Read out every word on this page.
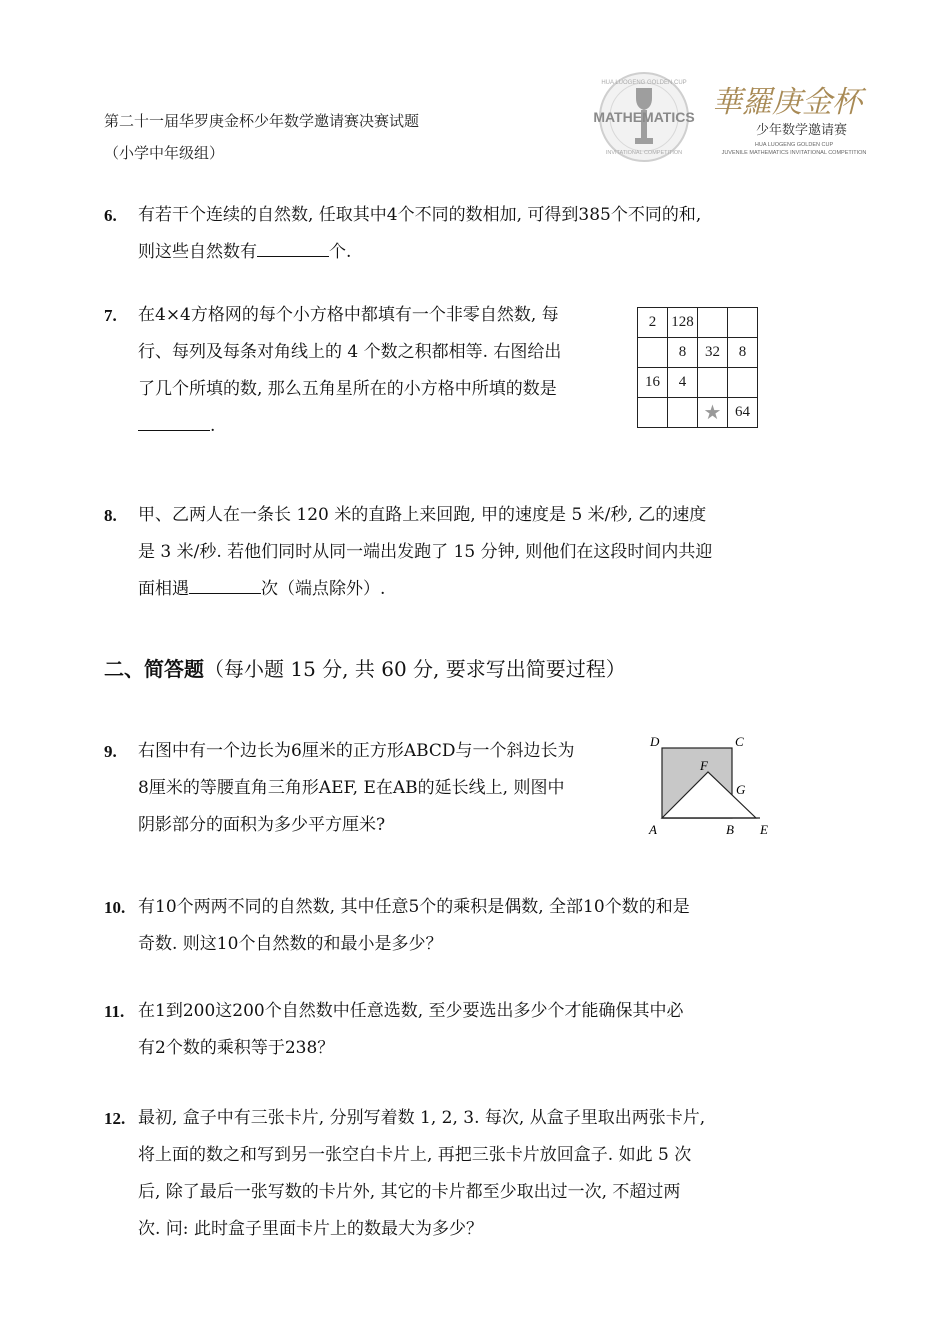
第二十一届华罗庚金杯少年数学邀请赛决赛试题
（小学中年级组）
HUA LUOGENG GOLDEN CUP
MATHEMATICS
INVITATIONAL COMPETITION
華羅庚金杯
少年数学邀请赛
HUA LUOGENG GOLDEN CUP
JUVENILE MATHEMATICS INVITATIONAL COMPETITION
6. 有若干个连续的自然数, 任取其中4个不同的数相加, 可得到385个不同的和,
则这些自然数有	个.
7. 在4×4方格网的每个小方格中都填有一个非零自然数, 每
行、每列及每条对角线上的 4 个数之积都相等. 右图给出
了几个所填的数, 那么五角星所在的小方格中所填的数是
.
2	128		
	8	32	8
16	4		
		★	64
8. 甲、乙两人在一条长 120 米的直路上来回跑, 甲的速度是 5 米/秒, 乙的速度
是 3 米/秒. 若他们同时从同一端出发跑了 15 分钟, 则他们在这段时间内共迎
面相遇	次（端点除外）.
二、简答题（每小题 15 分, 共 60 分, 要求写出简要过程）
9. 右图中有一个边长为6厘米的正方形ABCD与一个斜边长为
8厘米的等腰直角三角形AEF, E在AB的延长线上, 则图中
阴影部分的面积为多少平方厘米?
D	C
F
G
A	B E
10. 有10个两两不同的自然数, 其中任意5个的乘积是偶数, 全部10个数的和是
奇数. 则这10个自然数的和最小是多少？
11. 在1到200这200个自然数中任意选数, 至少要选出多少个才能确保其中必
有2个数的乘积等于238？
12. 最初, 盒子中有三张卡片, 分别写着数 1, 2, 3. 每次, 从盒子里取出两张卡片,
将上面的数之和写到另一张空白卡片上, 再把三张卡片放回盒子. 如此 5 次
后, 除了最后一张写数的卡片外, 其它的卡片都至少取出过一次, 不超过两
次. 问: 此时盒子里面卡片上的数最大为多少？
